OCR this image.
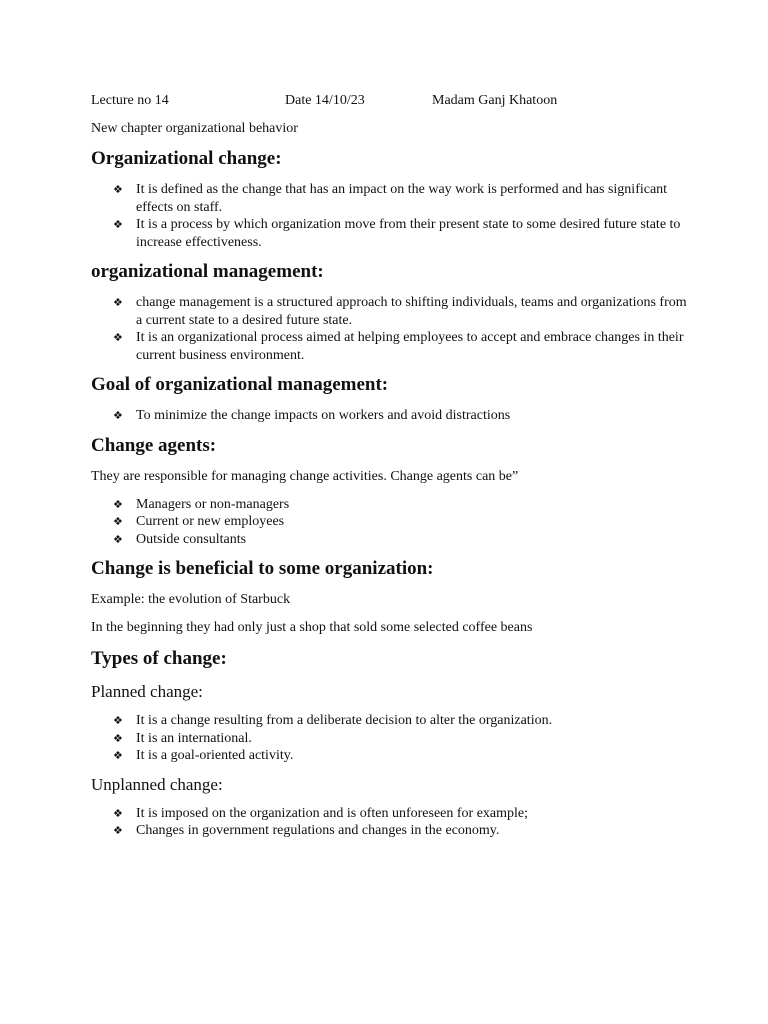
Lecture no 14	Date 14/10/23	Madam Ganj Khatoon

New chapter organizational behavior

Organizational change:
❖ It is defined as the change that has an impact on the way work is performed and has significant effects on staff.
❖ It is a process by which organization move from their present state to some desired future state to increase effectiveness.
organizational management:
❖ change management is a structured approach to shifting individuals, teams and organizations from a current state to a desired future state.
❖ It is an organizational process aimed at helping employees to accept and embrace changes in their current business environment.
Goal of organizational management:
❖ To minimize the change impacts on workers and avoid distractions
Change agents:

They are responsible for managing change activities. Change agents can be”

❖ Managers or non-managers
❖ Current or new employees
❖ Outside consultants
Change is beneficial to some organization:

Example: the evolution of Starbuck

In the beginning they had only just a shop that sold some selected coffee beans

Types of change:
Planned change:
❖ It is a change resulting from a deliberate decision to alter the organization.
❖ It is an international.
❖ It is a goal-oriented activity.
Unplanned change:
❖ It is imposed on the organization and is often unforeseen for example;
❖ Changes in government regulations and changes in the economy.
